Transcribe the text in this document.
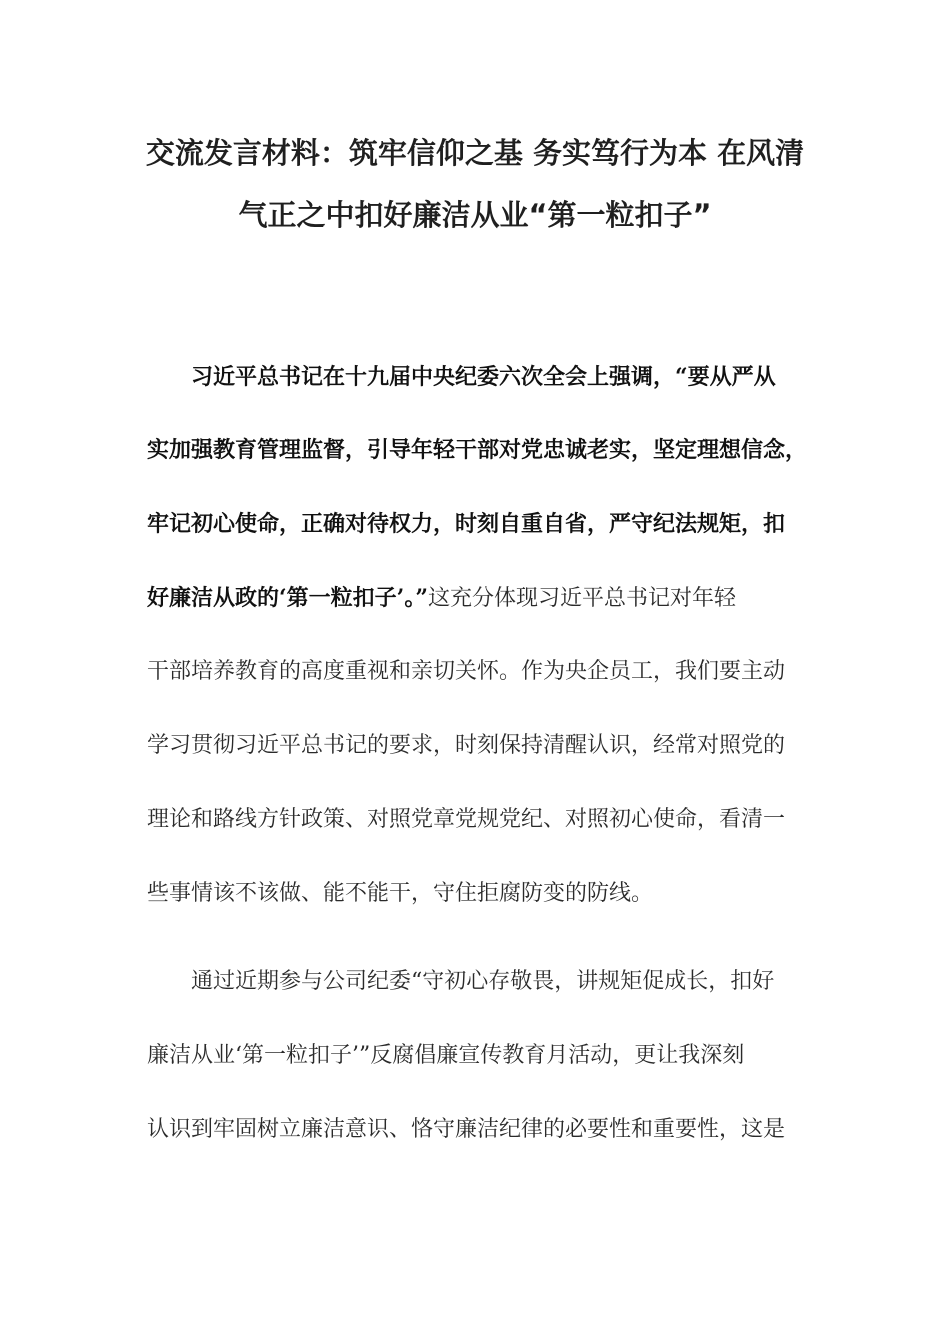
交流发言材料：筑牢信仰之基 务实笃行为本 在风清
气正之中扣好廉洁从业“第一粒扣子”

习近平总书记在十九届中央纪委六次全会上强调，“要从严从

实加强教育管理监督，引导年轻干部对党忠诚老实，坚定理想信念，

牢记初心使命，正确对待权力，时刻自重自省，严守纪法规矩，扣

好廉洁从政的‘第一粒扣子’。”这充分体现习近平总书记对年轻

干部培养教育的高度重视和亲切关怀。作为央企员工，我们要主动

学习贯彻习近平总书记的要求，时刻保持清醒认识，经常对照党的

理论和路线方针政策、对照党章党规党纪、对照初心使命，看清一

些事情该不该做、能不能干，守住拒腐防变的防线。

通过近期参与公司纪委“守初心存敬畏，讲规矩促成长，扣好

廉洁从业‘第一粒扣子’”反腐倡廉宣传教育月活动，更让我深刻

认识到牢固树立廉洁意识、恪守廉洁纪律的必要性和重要性，这是
